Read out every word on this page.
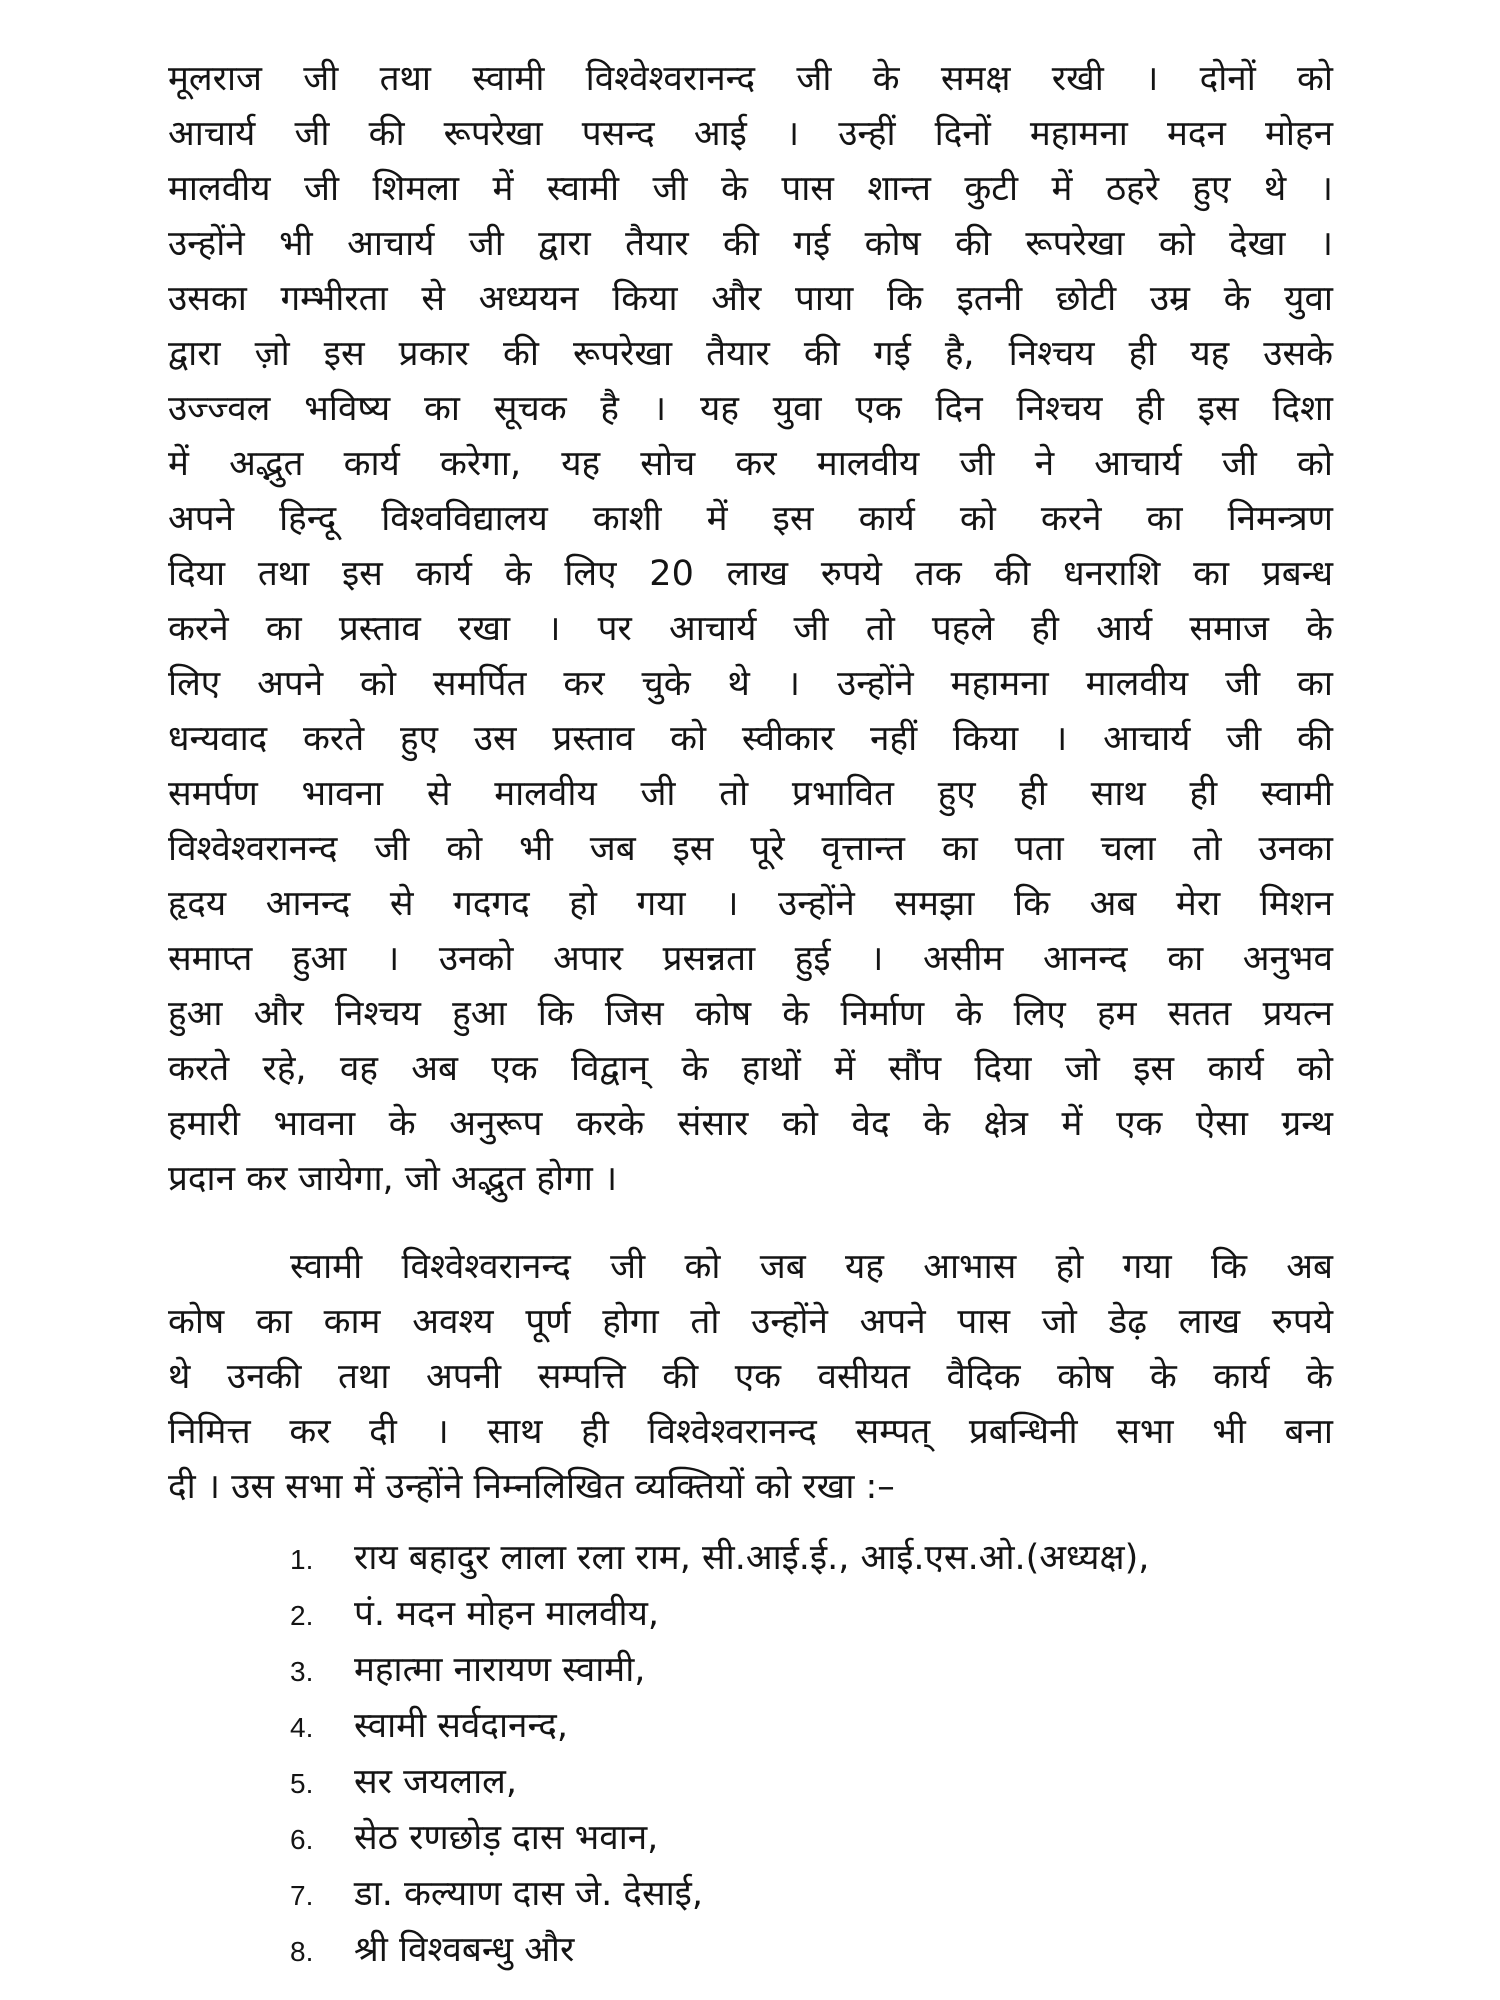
मूलराज जी तथा स्वामी विश्वेश्वरानन्द जी के समक्ष रखी । दोनों को
आचार्य जी की रूपरेखा पसन्द आई । उन्हीं दिनों महामना मदन मोहन
मालवीय जी शिमला में स्वामी जी के पास शान्त कुटी में ठहरे हुए थे ।
उन्होंने भी आचार्य जी द्वारा तैयार की गई कोष की रूपरेखा को देखा ।
उसका गम्भीरता से अध्ययन किया और पाया कि इतनी छोटी उम्र के युवा
द्वारा ज़ो इस प्रकार की रूपरेखा तैयार की गई है, निश्चय ही यह उसके
उज्ज्वल भविष्य का सूचक है । यह युवा एक दिन निश्चय ही इस दिशा
में अद्भुत कार्य करेगा, यह सोच कर मालवीय जी ने आचार्य जी को
अपने हिन्दू विश्वविद्यालय काशी में इस कार्य को करने का निमन्त्रण
दिया तथा इस कार्य के लिए 20 लाख रुपये तक की धनराशि का प्रबन्ध
करने का प्रस्ताव रखा । पर आचार्य जी तो पहले ही आर्य समाज के
लिए अपने को समर्पित कर चुके थे । उन्होंने महामना मालवीय जी का
धन्यवाद करते हुए उस प्रस्ताव को स्वीकार नहीं किया । आचार्य जी की
समर्पण भावना से मालवीय जी तो प्रभावित हुए ही साथ ही स्वामी
विश्वेश्वरानन्द जी को भी जब इस पूरे वृत्तान्त का पता चला तो उनका
हृदय आनन्द से गदगद हो गया । उन्होंने समझा कि अब मेरा मिशन
समाप्त हुआ । उनको अपार प्रसन्नता हुई । असीम आनन्द का अनुभव
हुआ और निश्चय हुआ कि जिस कोष के निर्माण के लिए हम सतत प्रयत्न
करते रहे, वह अब एक विद्वान् के हाथों में सौंप दिया जो इस कार्य को
हमारी भावना के अनुरूप करके संसार को वेद के क्षेत्र में एक ऐसा ग्रन्थ
प्रदान कर जायेगा, जो अद्भुत होगा ।
स्वामी विश्वेश्वरानन्द जी को जब यह आभास हो गया कि अब
कोष का काम अवश्य पूर्ण होगा तो उन्होंने अपने पास जो डेढ़ लाख रुपये
थे उनकी तथा अपनी सम्पत्ति की एक वसीयत वैदिक कोष के कार्य के
निमित्त कर दी । साथ ही विश्वेश्वरानन्द सम्पत् प्रबन्धिनी सभा भी बना
दी । उस सभा में उन्होंने निम्नलिखित व्यक्तियों को रखा :–
1. राय बहादुर लाला रला राम, सी.आई.ई., आई.एस.ओ.(अध्यक्ष),
2. पं. मदन मोहन मालवीय,
3. महात्मा नारायण स्वामी,
4. स्वामी सर्वदानन्द,
5. सर जयलाल,
6. सेठ रणछोड़ दास भवान,
7. डा. कल्याण दास जे. देसाई,
8. श्री विश्वबन्धु और
